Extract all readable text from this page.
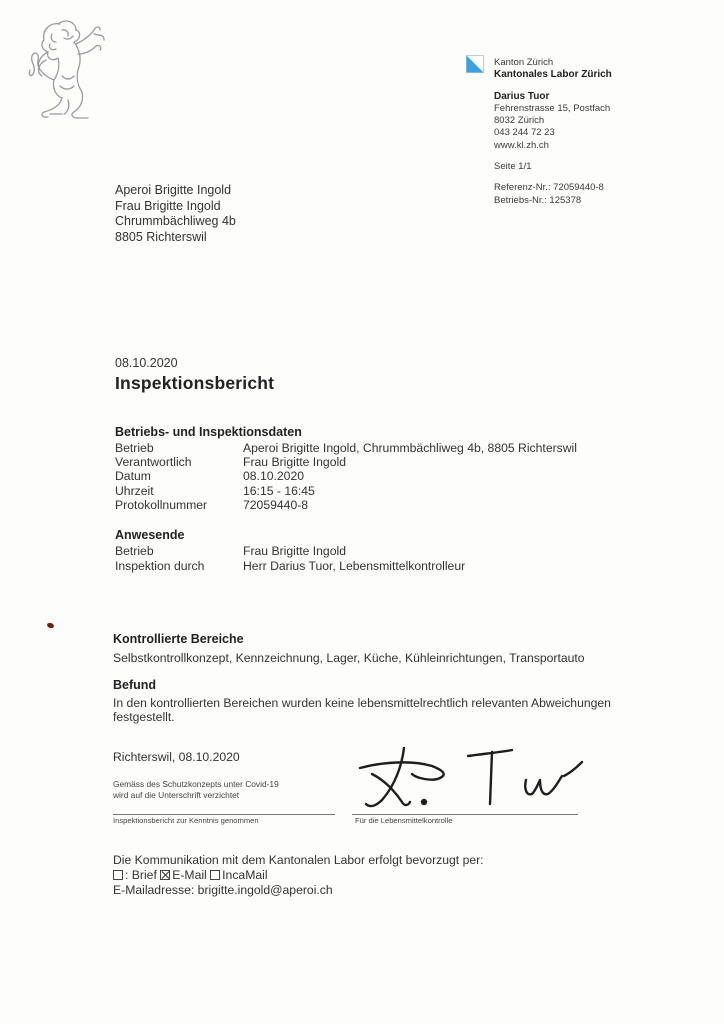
Kanton Zürich
Kantonales Labor Zürich
Darius Tuor
Fehrenstrasse 15, Postfach
8032 Zürich
043 244 72 23
www.kl.zh.ch
Seite 1/1
Referenz-Nr.: 72059440-8
Betriebs-Nr.: 125378
Aperoi Brigitte Ingold
Frau Brigitte Ingold
Chrummbächliweg 4b
8805 Richterswil
08.10.2020
Inspektionsbericht
Betriebs- und Inspektionsdaten
Betrieb	Aperoi Brigitte Ingold, Chrummbächliweg 4b, 8805 Richterswil
Verantwortlich	Frau Brigitte Ingold
Datum	08.10.2020
Uhrzeit	16:15 - 16:45
Protokollnummer	72059440-8
Anwesende
Betrieb	Frau Brigitte Ingold
Inspektion durch	Herr Darius Tuor, Lebensmittelkontrolleur
Kontrollierte Bereiche
Selbstkontrollkonzept, Kennzeichnung, Lager, Küche, Kühleinrichtungen, Transportauto
Befund
In den kontrollierten Bereichen wurden keine lebensmittelrechtlich relevanten Abweichungen
festgestellt.
Richterswil, 08.10.2020
Gemäss des Schutzkonzepts unter Covid-19
wird auf die Unterschrift verzichtet
Inspektionsbericht zur Kenntnis genommen	Für die Lebensmittelkontrolle
Die Kommunikation mit dem Kantonalen Labor erfolgt bevorzugt per:
: Brief E-Mail IncaMail
E-Mailadresse: brigitte.ingold@aperoi.ch
